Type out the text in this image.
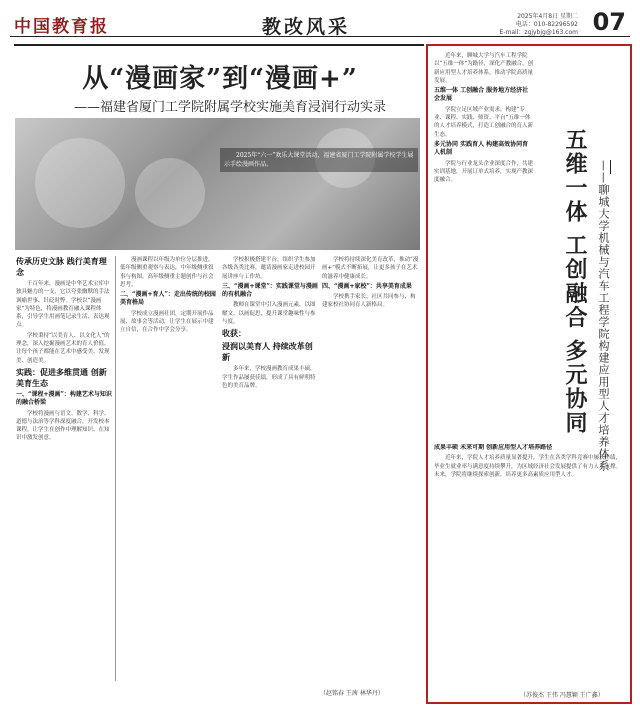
中国教育报	教改风采	2025年4月8日 星期二
电话：010-82296592
E-mail：zgjybjg@163.com 07
从“漫画家”到“漫画+”
——福建省厦门工学院附属学校实施美育浸润行动实录
2025年“六一”欢乐大课堂活动，福建省厦门工学院附属学校学生展示手绘漫画作品。

传承历史文脉 践行美育理念

千百年来，漫画是中华艺术宝库中独具魅力的一支，它以夸张幽默的手法讽喻世事、针砭时弊。学校以“漫画家”为特色，将漫画教育融入课程体系，引导学生用画笔记录生活、表达观点。

学校秉持“以美育人、以文化人”的理念，深入挖掘漫画艺术的育人价值，让每个孩子都能在艺术中感受美、发现美、创造美。

实践：促进多维贯通 创新美育生态

一、“课程+漫画”：构建艺术与知识的融合桥梁

学校将漫画与语文、数学、科学、道德与法治等学科深度融合，开发校本课程，让学生在创作中理解知识、在知识中激发创意。

漫画课程以年级为单位分层推进，低年级侧重观察与表达，中年级侧重叙事与构图，高年级侧重主题创作与社会思考。

二、“漫画+育人”：走出传统的校园美育格局

学校成立漫画社团，定期开展作品展、故事会等活动，让学生在展示中建立自信，在合作中学会分享。

学校积极搭建平台，组织学生参加各级各类比赛，邀请漫画家走进校园开展讲座与工作坊。

三、“漫画+课堂”：实践课堂与漫画的有机融合

教师在课堂中引入漫画元素，以图解文、以画促思，提升课堂趣味性与参与度。

收获：

浸润以美育人 持续改革创新

多年来，学校漫画教育成果丰硕，学生作品屡获佳绩，形成了具有鲜明特色的美育品牌。

学校将持续深化美育改革，推动“漫画+”模式不断拓展，让更多孩子在艺术的滋养中健康成长。

四、“漫画+家校”：共享美育成果

学校携手家长、社区共同参与，构建家校社协同育人新格局。

（赵铭春 王茜 林华丹）

近年来，聊城大学与汽车工程学院以“五维一体”为路径，深化产教融合，创新应用型人才培养体系，推动学院高质量发展。

五维一体 工创融合 服务地方经济社会发展

学院立足区域产业需求，构建“专业、课程、实践、师资、平台”五维一体的人才培养模式，打造工创融合的育人新生态。

多元协同 实践育人 构建高效协同育人机制

学院与行业龙头企业深度合作，共建实训基地，开展订单式培养，实现产教深度融合。	五维一体 工创融合 多元协同 ——聊城大学机械与汽车工程学院构建应用型人才培养体系

成果丰硕 未来可期 创新应用型人才培养路径

近年来，学院人才培养质量显著提升，学生在各类学科竞赛中屡获佳绩，毕业生就业率与满意度持续攀升，为区域经济社会发展提供了有力人才支撑。未来，学院将继续探索创新，培养更多高素质应用型人才。

（苏俊杰 王伟 冯慧颖 王广鑫）
